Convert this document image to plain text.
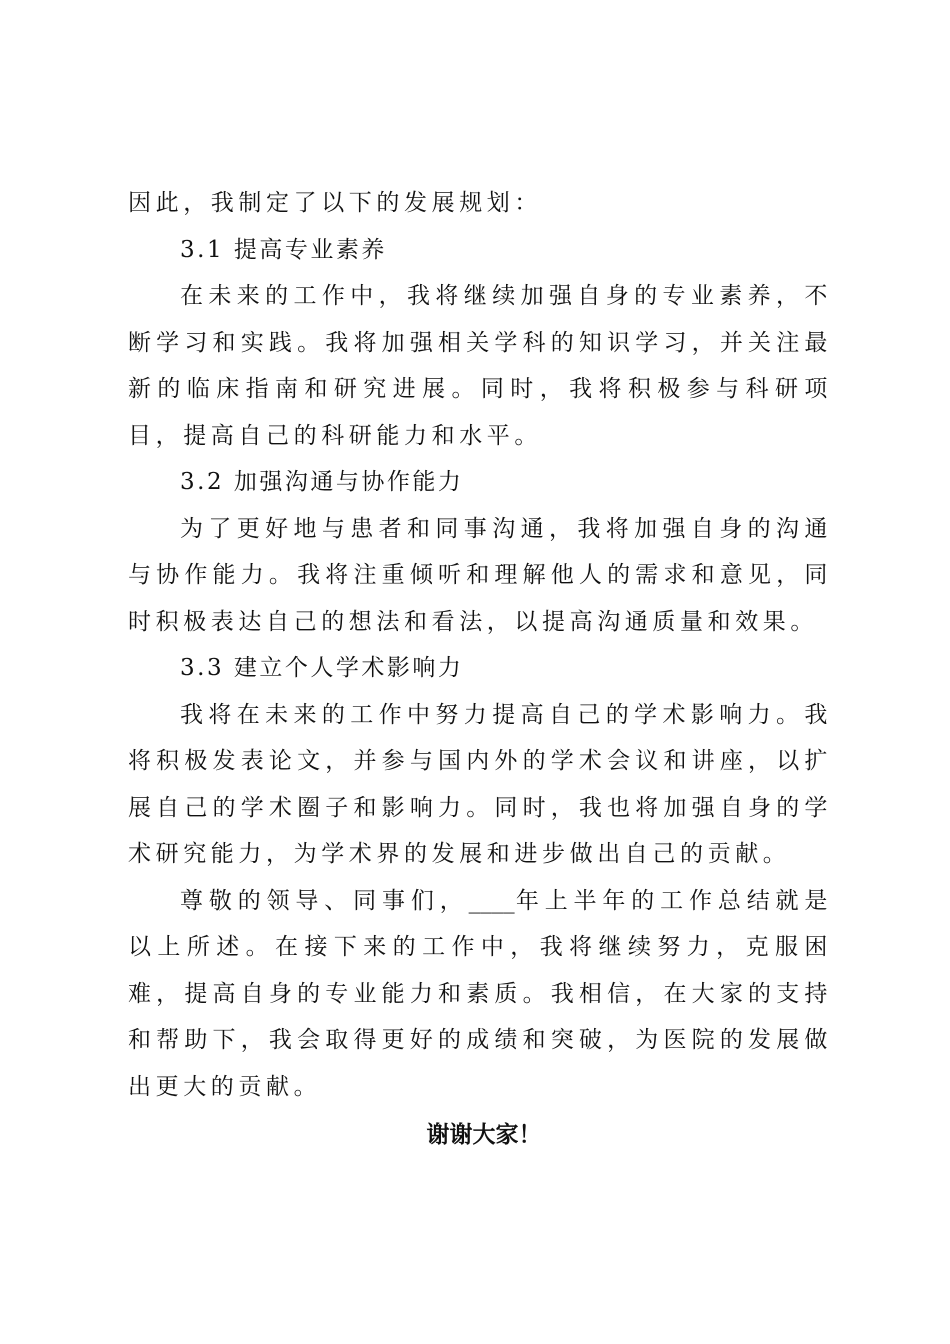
因此，我制定了以下的发展规划：

3.1 提高专业素养

在未来的工作中，我将继续加强自身的专业素养，不断学习和实践。我将加强相关学科的知识学习，并关注最新的临床指南和研究进展。同时，我将积极参与科研项目，提高自己的科研能力和水平。

3.2 加强沟通与协作能力

为了更好地与患者和同事沟通，我将加强自身的沟通与协作能力。我将注重倾听和理解他人的需求和意见，同时积极表达自己的想法和看法，以提高沟通质量和效果。

3.3 建立个人学术影响力

我将在未来的工作中努力提高自己的学术影响力。我将积极发表论文，并参与国内外的学术会议和讲座，以扩展自己的学术圈子和影响力。同时，我也将加强自身的学术研究能力，为学术界的发展和进步做出自己的贡献。

尊敬的领导、同事们，____年上半年的工作总结就是以上所述。在接下来的工作中，我将继续努力，克服困难，提高自身的专业能力和素质。我相信，在大家的支持和帮助下，我会取得更好的成绩和突破，为医院的发展做出更大的贡献。

谢谢大家！
